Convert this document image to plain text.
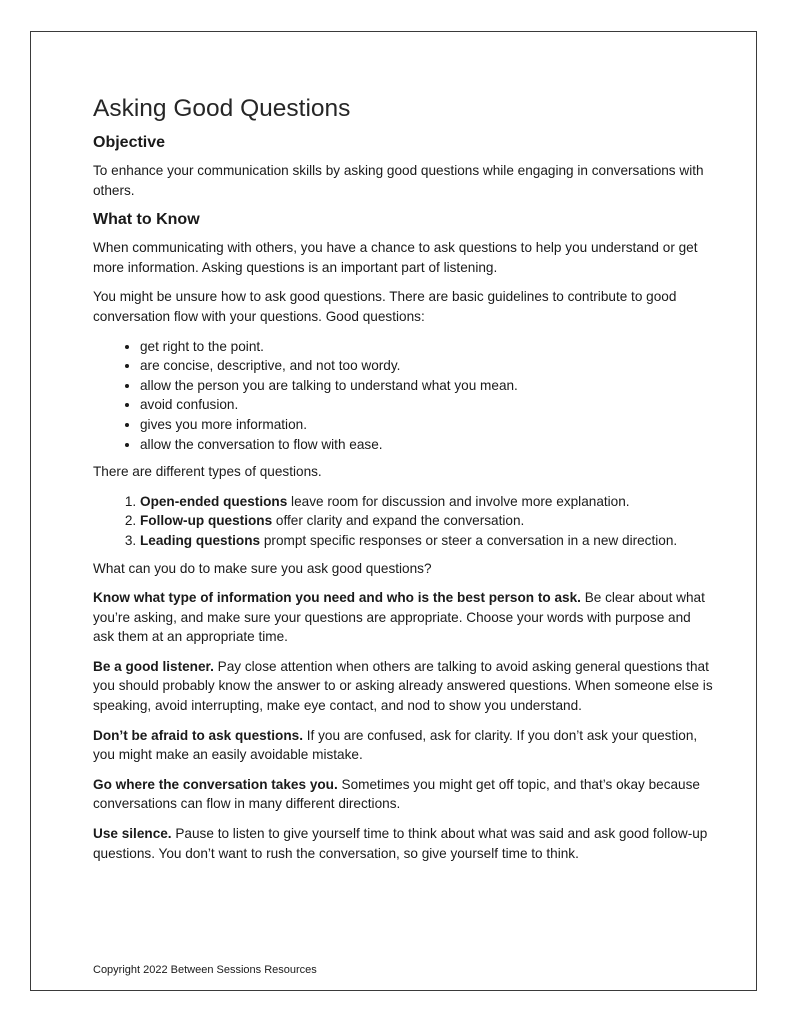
Asking Good Questions
Objective

To enhance your communication skills by asking good questions while engaging in conversations with others.

What to Know

When communicating with others, you have a chance to ask questions to help you understand or get more information. Asking questions is an important part of listening.

You might be unsure how to ask good questions. There are basic guidelines to contribute to good conversation flow with your questions. Good questions:

• get right to the point.
• are concise, descriptive, and not too wordy.
• allow the person you are talking to understand what you mean.
• avoid confusion.
• gives you more information.
• allow the conversation to flow with ease.

There are different types of questions.

1. Open-ended questions leave room for discussion and involve more explanation.
2. Follow-up questions offer clarity and expand the conversation.
3. Leading questions prompt specific responses or steer a conversation in a new direction.

What can you do to make sure you ask good questions?

Know what type of information you need and who is the best person to ask. Be clear about what you’re asking, and make sure your questions are appropriate. Choose your words with purpose and ask them at an appropriate time.

Be a good listener. Pay close attention when others are talking to avoid asking general questions that you should probably know the answer to or asking already answered questions. When someone else is speaking, avoid interrupting, make eye contact, and nod to show you understand.

Don’t be afraid to ask questions. If you are confused, ask for clarity. If you don’t ask your question, you might make an easily avoidable mistake.

Go where the conversation takes you. Sometimes you might get off topic, and that’s okay because conversations can flow in many different directions.

Use silence. Pause to listen to give yourself time to think about what was said and ask good follow-up questions. You don’t want to rush the conversation, so give yourself time to think.

Copyright 2022 Between Sessions Resources
